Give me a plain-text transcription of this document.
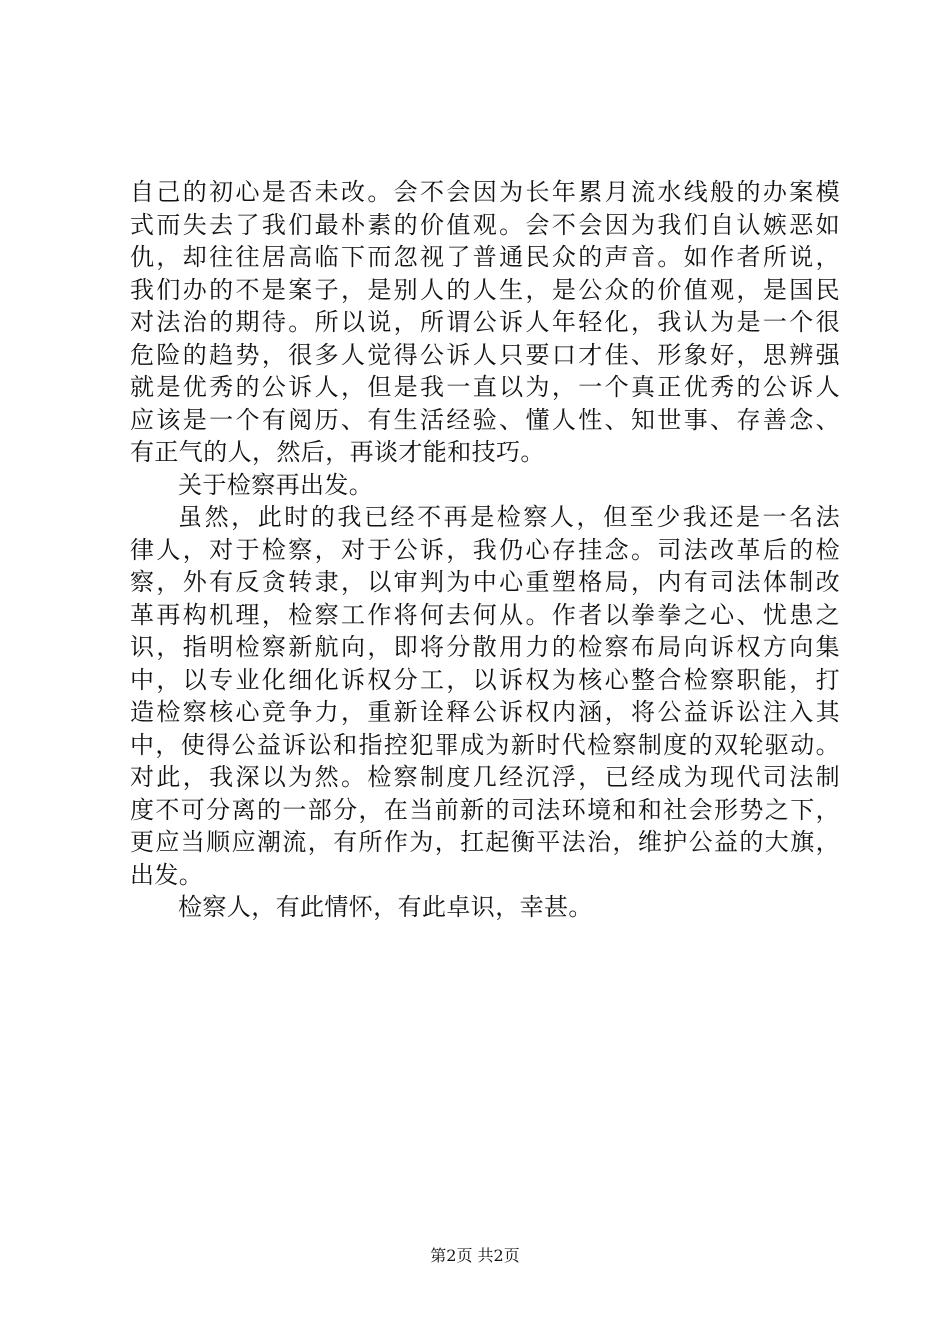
自己的初心是否未改。会不会因为长年累月流水线般的办案模
式而失去了我们最朴素的价值观。会不会因为我们自认嫉恶如
仇，却往往居高临下而忽视了普通民众的声音。如作者所说，
我们办的不是案子，是别人的人生，是公众的价值观，是国民
对法治的期待。所以说，所谓公诉人年轻化，我认为是一个很
危险的趋势，很多人觉得公诉人只要口才佳、形象好，思辨强
就是优秀的公诉人，但是我一直以为，一个真正优秀的公诉人
应该是一个有阅历、有生活经验、懂人性、知世事、存善念、
有正气的人，然后，再谈才能和技巧。
关于检察再出发。
虽然，此时的我已经不再是检察人，但至少我还是一名法
律人，对于检察，对于公诉，我仍心存挂念。司法改革后的检
察，外有反贪转隶，以审判为中心重塑格局，内有司法体制改
革再构机理，检察工作将何去何从。作者以拳拳之心、忧患之
识，指明检察新航向，即将分散用力的检察布局向诉权方向集
中，以专业化细化诉权分工，以诉权为核心整合检察职能，打
造检察核心竞争力，重新诠释公诉权内涵，将公益诉讼注入其
中，使得公益诉讼和指控犯罪成为新时代检察制度的双轮驱动。
对此，我深以为然。检察制度几经沉浮，已经成为现代司法制
度不可分离的一部分，在当前新的司法环境和和社会形势之下，
更应当顺应潮流，有所作为，扛起衡平法治，维护公益的大旗，
出发。
检察人，有此情怀，有此卓识，幸甚。
第2页 共2页
